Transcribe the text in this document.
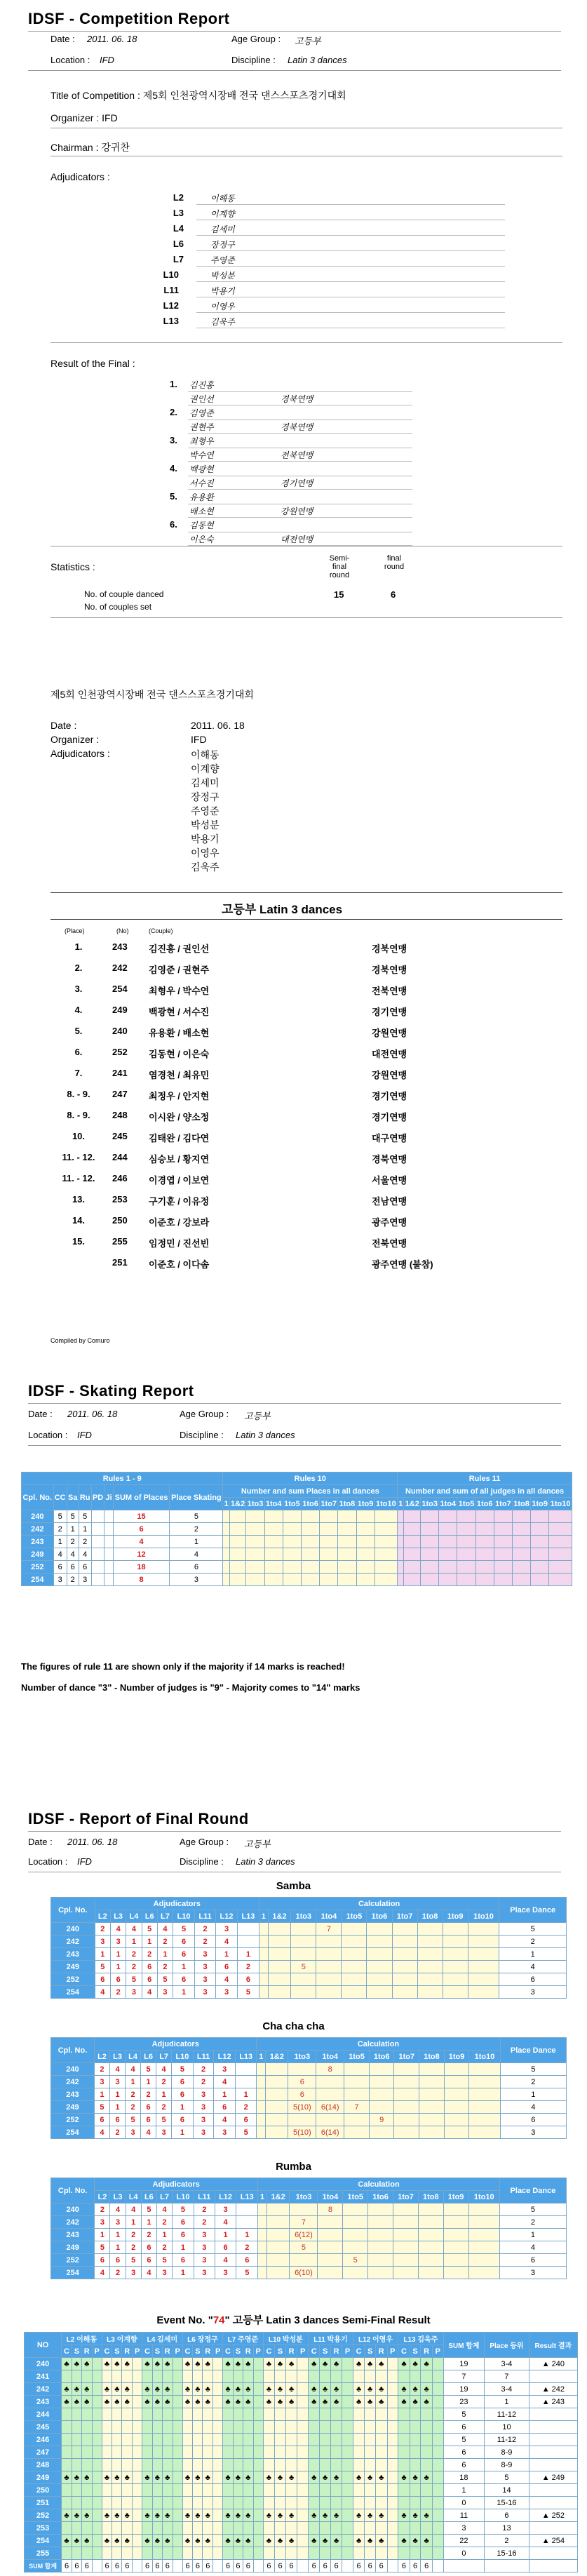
IDSF - Competition Report
Date : 2011. 06. 18	Age Group : 고등부
Location : IFD	Discipline : Latin 3 dances
Title of Competition : 제5회 인천광역시장배 전국 댄스스포츠경기대회
Organizer : IFD
Chairman : 강귀찬
Adjudicators :
L2	이해동
L3	이계향
L4	김세미
L6	장정구
L7	주영준
L10	박성분
L11	박용기
L12	이영우
L13	김욱주
Result of the Final :
1. 김진홍
권인선	경북연맹
2. 김영준
권현주	경북연맹
3. 최형우
박수연	전북연맹
4. 백광현
서수진	경기연맹
5. 유용환
배소현	강원연맹
6. 김동현
이은숙	대전연맹
Statistics :
Semi-final round
final round
No. of couple danced	15	6
No. of couples set
제5회 인천광역시장배 전국 댄스스포츠경기대회
Date :	2011. 06. 18
Organizer :	IFD
Adjudicators :	이해동
이계향
김세미
장정구
주영준
박성분
박용기
이영우
김욱주
고등부 Latin 3 dances
(Place)	(No)	(Couple)
1.	243 김진홍 / 권인선	경북연맹
2.	242 김영준 / 권현주	경북연맹
3.	254 최형우 / 박수연	전북연맹
4.	249 백광현 / 서수진	경기연맹
5.	240 유용환 / 배소현	강원연맹
6.	252 김동현 / 이은숙	대전연맹
7.	241 염경천 / 최유민	강원연맹
8. - 9.	247 최정우 / 안지현	경기연맹
8. - 9.	248 이시완 / 양소정	경기연맹
10.	245 김태완 / 김다연	대구연맹
11. - 12.	244 심승보 / 황지연	경북연맹
11. - 12.	246 이경엽 / 이보연	서울연맹
13.	253 구기훈 / 이유정	전남연맹
14.	250 이준호 / 강보라	광주연맹
15.	255 임정민 / 진선빈	전북연맹
251 이준호 / 이다솜	광주연맹 (불참)
Compiled by Comuro
IDSF - Skating Report
Date : 2011. 06. 18	Age Group : 고등부
Location : IFD	Discipline : Latin 3 dances
Rules 1 - 9								Rules 10										Rules 11									
Cpl. No.	CC	Sa	Ru	PD	Ji	SUM of Places	Place Skating	Number and sum Places in all dances										Number and sum of all judges in all dances									
								1	1&2	1to3	1to4	1to5	1to6	1to7	1to8	1to9	1to10	1	1&2	1to3	1to4	1to5	1to6	1to7	1to8	1to9	1to10
240	5	5	5			15	5																				
242	2	1	1			6	2																				
243	1	2	2			4	1																				
249	4	4	4			12	4																				
252	6	6	6			18	6																				
254	3	2	3			8	3																				
The figures of rule 11 are shown only if the majority if 14 marks is reached!
Number of dance "3" - Number of judges is "9" - Majority comes to "14" marks
IDSF - Report of Final Round
Date : 2011. 06. 18	Age Group : 고등부
Location : IFD	Discipline : Latin 3 dances
Samba
Cpl. No.	Adjudicators									Calculation										Place Dance
	L2	L3	L4	L6	L7	L10	L11	L12	L13	1	1&2	1to3	1to4	1to5	1to6	1to7	1to8	1to9	1to10	
240	2	4	4	5	4	5	2	3					7							5
242	3	3	1	1	2	6	2	4												2
243	1	1	2	2	1	6	3	1	1											1
249	5	1	2	6	2	1	3	6	2			5								4
252	6	6	5	6	5	6	3	4	6											6
254	4	2	3	4	3	1	3	3	5											3
Cha cha cha
Cpl. No.	Adjudicators									Calculation										Place Dance
	L2	L3	L4	L6	L7	L10	L11	L12	L13	1	1&2	1to3	1to4	1to5	1to6	1to7	1to8	1to9	1to10	
240	2	4	4	5	4	5	2	3					8							5
242	3	3	1	1	2	6	2	4				6								2
243	1	1	2	2	1	6	3	1	1			6								1
249	5	1	2	6	2	1	3	6	2			5(10)	6(14)	7						4
252	6	6	5	6	5	6	3	4	6						9					6
254	4	2	3	4	3	1	3	3	5			5(10)	6(14)							3
Rumba
Cpl. No.	Adjudicators									Calculation										Place Dance
	L2	L3	L4	L6	L7	L10	L11	L12	L13	1	1&2	1to3	1to4	1to5	1to6	1to7	1to8	1to9	1to10	
240	2	4	4	5	4	5	2	3					8							5
242	3	3	1	1	2	6	2	4				7								2
243	1	1	2	2	1	6	3	1	1			6(12)								1
249	5	1	2	6	2	1	3	6	2			5								4
252	6	6	5	6	5	6	3	4	6					5						6
254	4	2	3	4	3	1	3	3	5			6(10)								3
Event No. "74" 고등부 Latin 3 dances Semi-Final Result
NO	L2 이해동				L3 이계향				L4 김세미				L6 장정구				L7 주영준				L10 박성분				L11 박용기				L12 이영우				L13 김욱주				SUM 합계	Place 등위	Result 결과
	C	S	R	P	C	S	R	P	C	S	R	P	C	S	R	P	C	S	R	P	C	S	R	P	C	S	R	P	C	S	R	P	C	S	R	P			
240	♣	♣	♣		♣	♣	♣		♣	♣	♣		♣	♣	♣		♣	♣	♣		♣	♣	♣		♣	♣	♣		♣	♣	♣		♣	♣	♣		19	3-4	▲ 240
241																																					7	7	
242	♣	♣	♣		♣	♣	♣		♣	♣	♣		♣	♣	♣		♣	♣	♣		♣	♣	♣		♣	♣	♣		♣	♣	♣		♣	♣	♣		19	3-4	▲ 242
243	♣	♣	♣		♣	♣	♣		♣	♣	♣		♣	♣	♣		♣	♣	♣		♣	♣	♣		♣	♣	♣		♣	♣	♣		♣	♣	♣		23	1	▲ 243
244																																					5	11-12	
245																																					6	10	
246																																					5	11-12	
247																																					6	8-9	
248																																					6	8-9	
249	♣	♣	♣		♣	♣	♣		♣	♣	♣		♣	♣	♣		♣	♣	♣		♣	♣	♣		♣	♣	♣		♣	♣	♣		♣	♣	♣		18	5	▲ 249
250																																					1	14	
251																																					0	15-16	
252	♣	♣	♣		♣	♣	♣		♣	♣	♣		♣	♣	♣		♣	♣	♣		♣	♣	♣		♣	♣	♣		♣	♣	♣		♣	♣	♣		11	6	▲ 252
253																																					3	13	
254	♣	♣	♣		♣	♣	♣		♣	♣	♣		♣	♣	♣		♣	♣	♣		♣	♣	♣		♣	♣	♣		♣	♣	♣		♣	♣	♣		22	2	▲ 254
255																																					0	15-16	
SUM 합계	6	6	6		6	6	6		6	6	6		6	6	6		6	6	6		6	6	6		6	6	6		6	6	6		6	6	6				
